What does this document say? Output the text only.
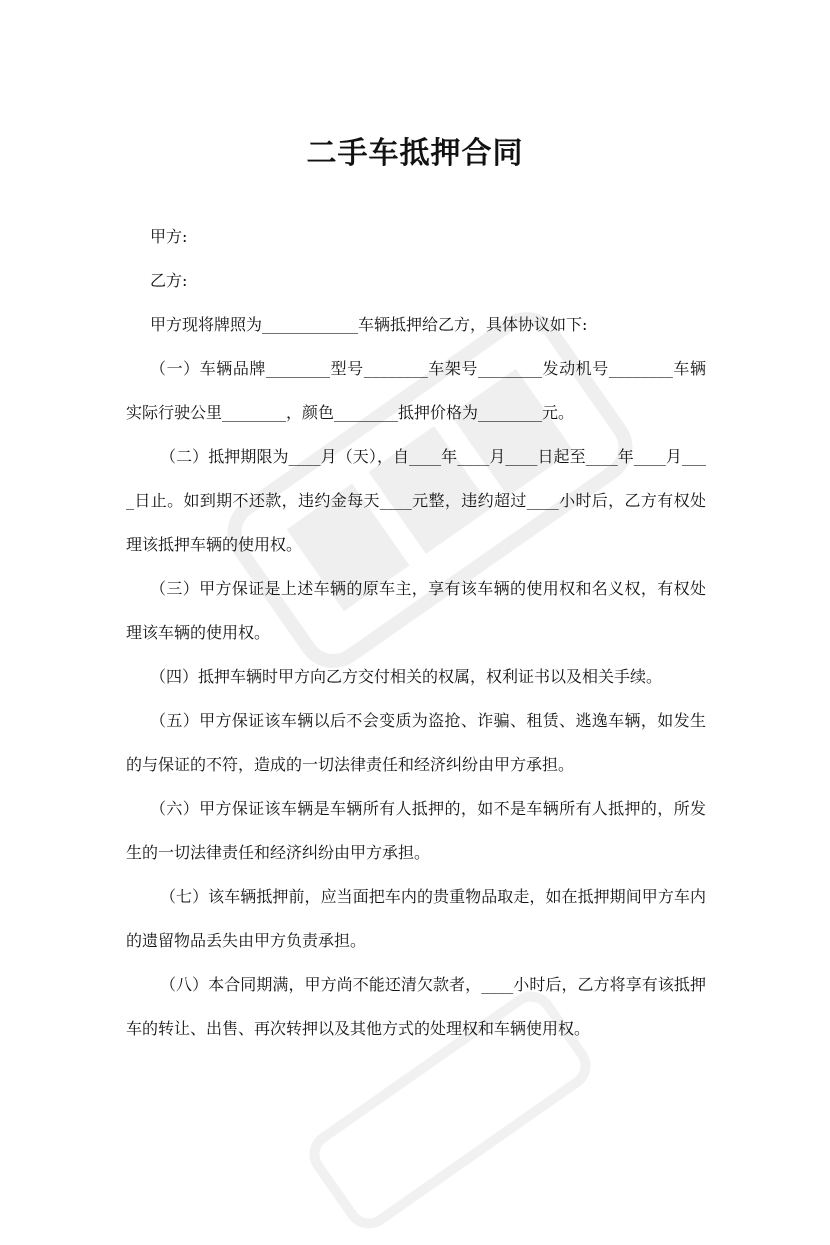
二手车抵押合同

甲方:

乙方:

甲方现将牌照为____________车辆抵押给乙方，具体协议如下:

（一）车辆品牌________型号________车架号________发动机号________车辆实际行驶公里________，颜色________抵押价格为________元。

（二）抵押期限为____月（天），自____年____月____日起至____年____月____日止。如到期不还款，违约金每天____元整，违约超过____小时后，乙方有权处理该抵押车辆的使用权。

（三）甲方保证是上述车辆的原车主，享有该车辆的使用权和名义权，有权处理该车辆的使用权。

（四）抵押车辆时甲方向乙方交付相关的权属，权利证书以及相关手续。

（五）甲方保证该车辆以后不会变质为盗抢、诈骗、租赁、逃逸车辆，如发生的与保证的不符，造成的一切法律责任和经济纠纷由甲方承担。

（六）甲方保证该车辆是车辆所有人抵押的，如不是车辆所有人抵押的，所发生的一切法律责任和经济纠纷由甲方承担。

（七）该车辆抵押前，应当面把车内的贵重物品取走，如在抵押期间甲方车内的遗留物品丢失由甲方负责承担。

（八）本合同期满，甲方尚不能还清欠款者，____小时后，乙方将享有该抵押车的转让、出售、再次转押以及其他方式的处理权和车辆使用权。
